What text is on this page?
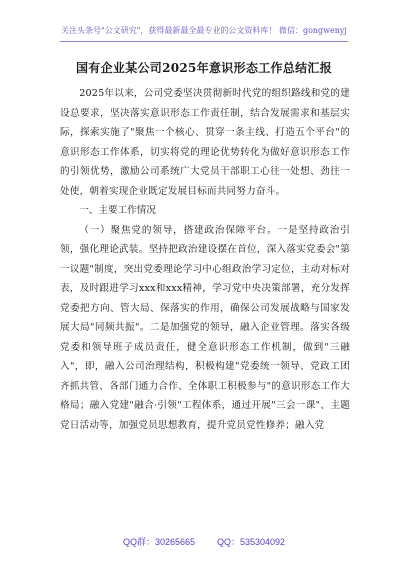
关注头条号"公文研究"，获得最新最全最专业的公文资料库！ 微信：gongwenyj
国有企业某公司2025年意识形态工作总结汇报

2025年以来，公司党委坚决贯彻新时代党的组织路线和党的建设总要求，坚决落实意识形态工作责任制，结合发展需求和基层实际，探索实施了"聚焦一个核心、贯穿一条主线、打造五个平台"的意识形态工作体系，切实将党的理论优势转化为做好意识形态工作的引领优势，激励公司系统广大党员干部职工心往一处想、劲往一处使，朝着实现企业既定发展目标而共同努力奋斗。

一、主要工作情况

（一）聚焦党的领导，搭建政治保障平台。一是坚持政治引领，强化理论武装。坚持把政治建设摆在首位，深入落实党委会"第一议题"制度，突出党委理论学习中心组政治学习定位，主动对标对表，及时跟进学习xxx和xxx精神，学习党中央决策部署，充分发挥党委把方向、管大局、保落实的作用，确保公司发展战略与国家发展大局"同频共振"。二是加强党的领导，融入企业管理。落实各级党委和领导班子成员责任，健全意识形态工作机制，做到"三融入"，即，融入公司治理结构，积极构建"党委统一领导、党政工团齐抓共管、各部门通力合作、全体职工积极参与"的意识形态工作大格局；融入党建"融合·引领"工程体系，通过开展"三会一课"、主题党日活动等，加强党员思想教育，提升党员党性修养；融入党

QQ群：30265665 QQ：535304092
